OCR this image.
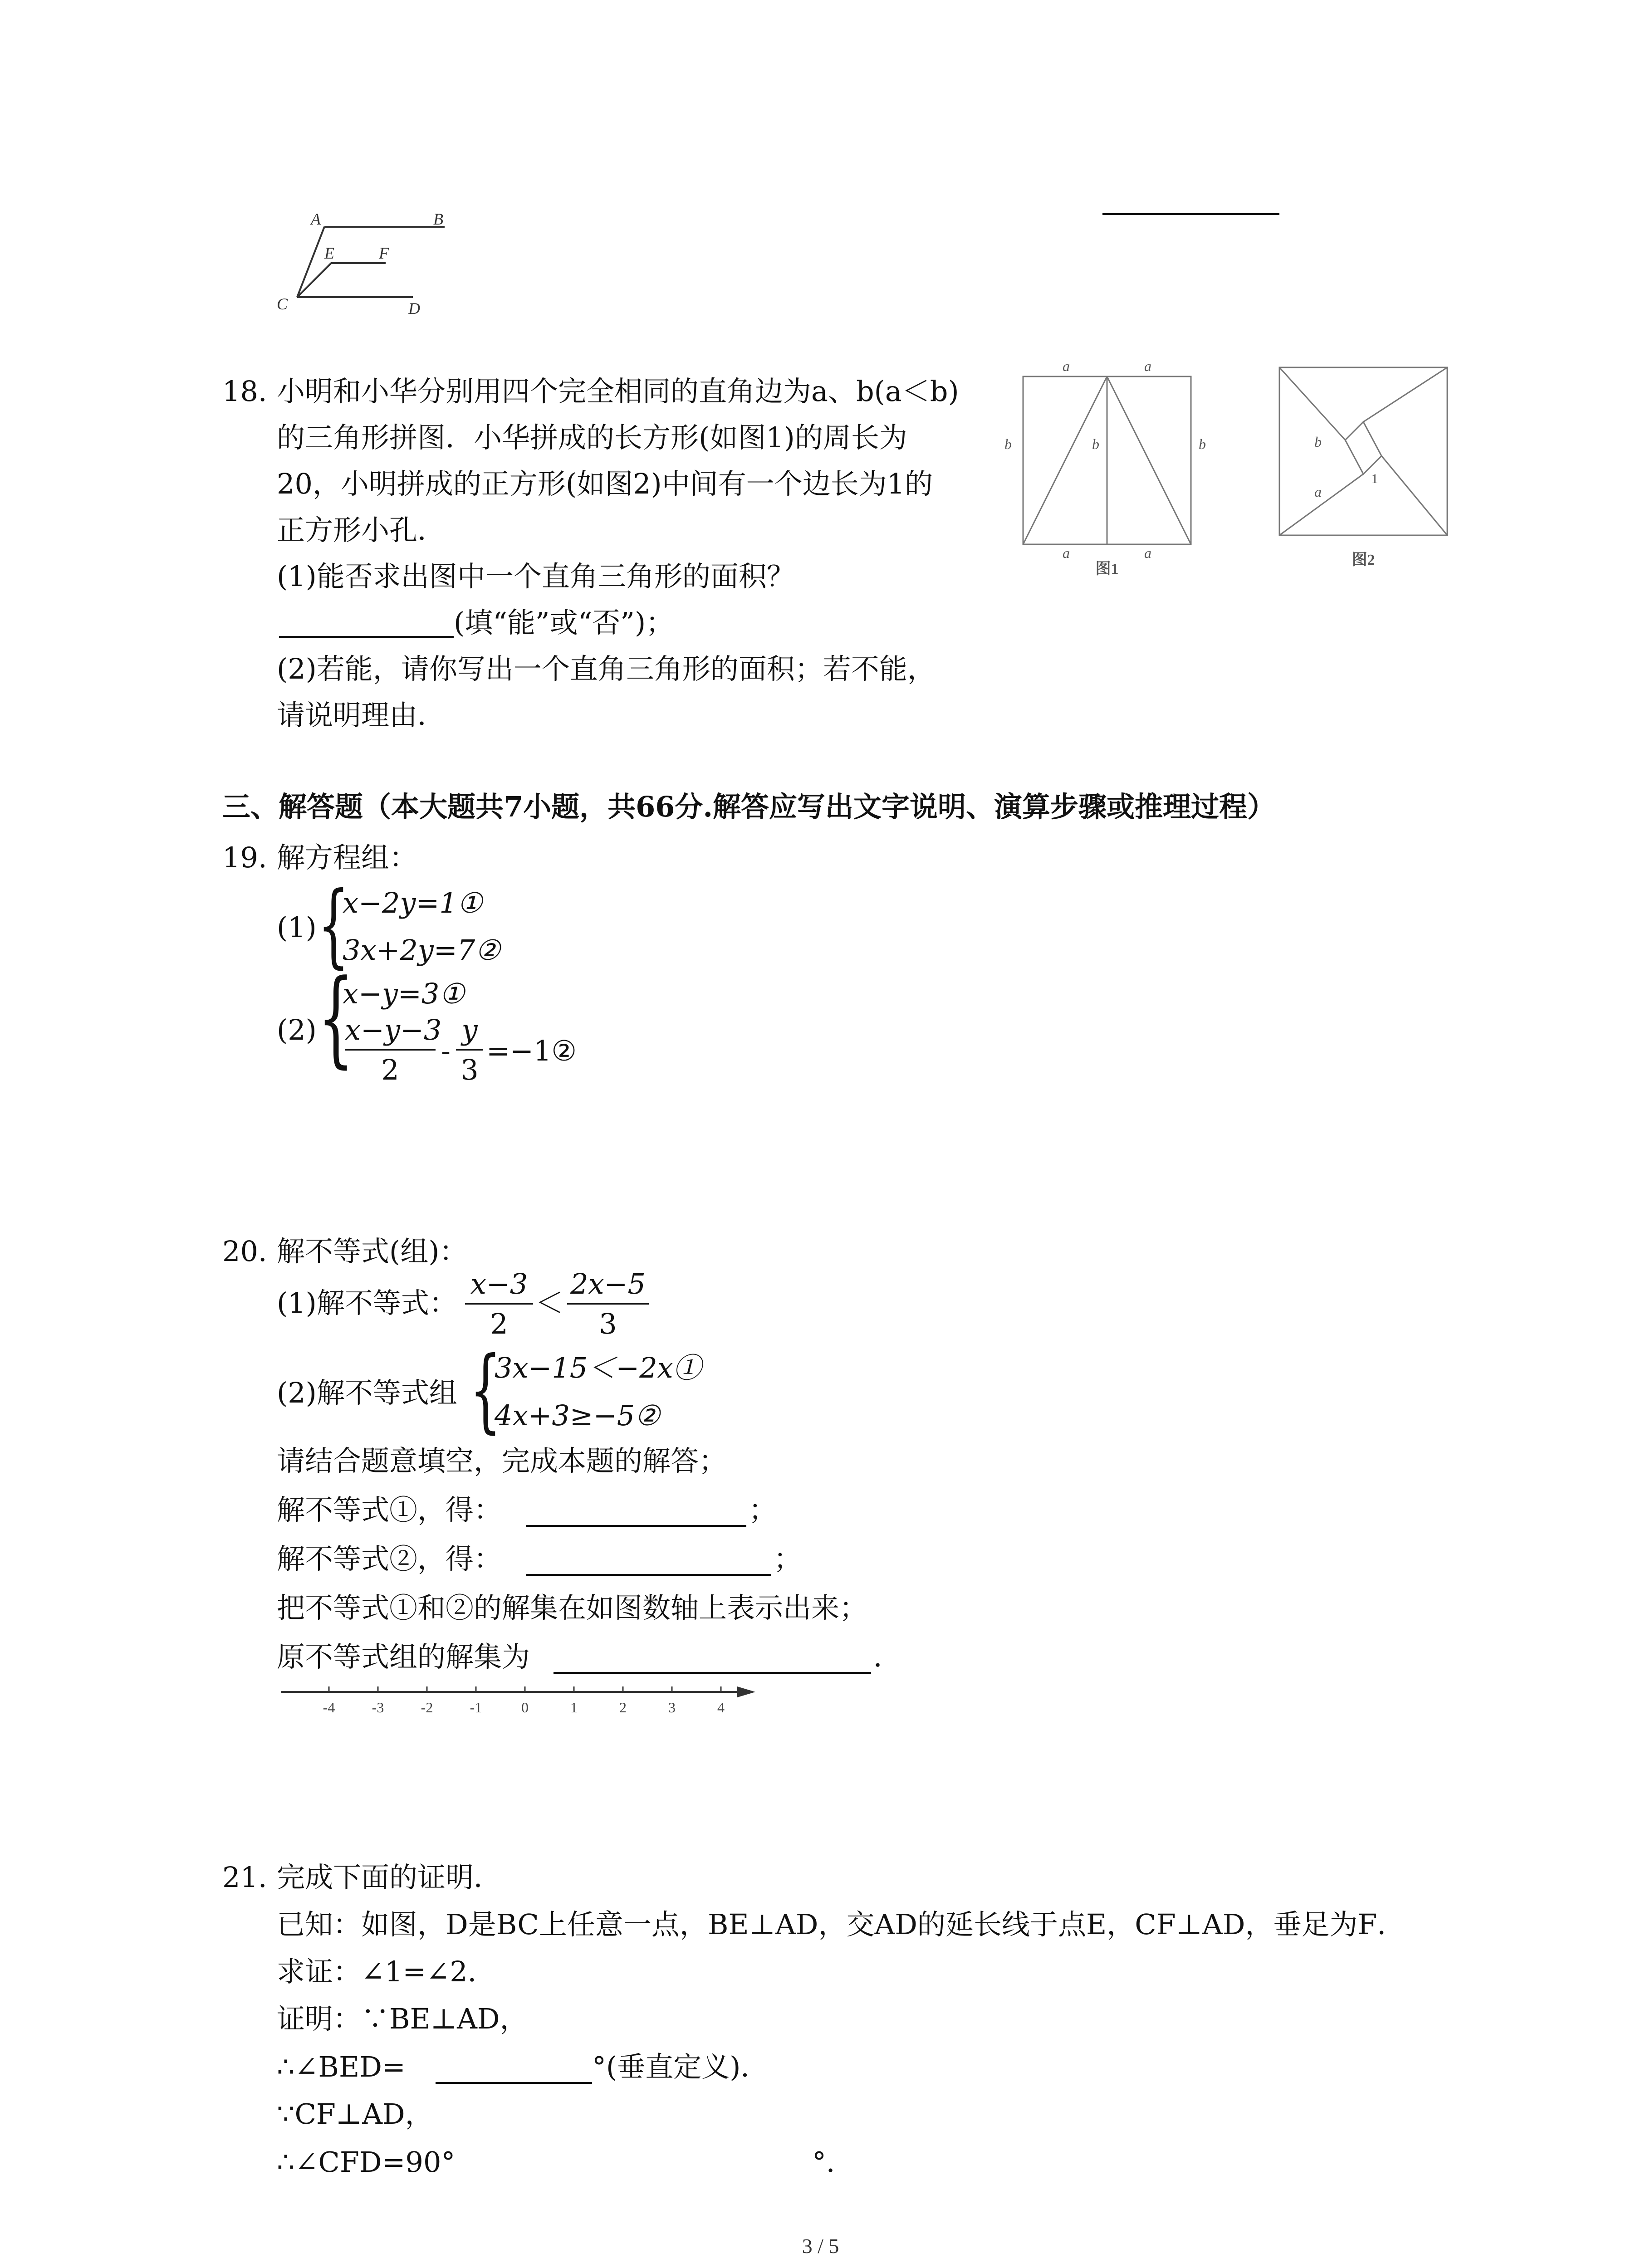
A	B
E	F
C	D
18. 小明和小华分别用四个完全相同的直角边为a、b(a＜b)
的三角形拼图．小华拼成的长方形(如图1)的周长为
20，小明拼成的正方形(如图2)中间有一个边长为1的
正方形小孔．
(1)能否求出图中一个直角三角形的面积？
(填“能”或“否”)；
(2)若能，请你写出一个直角三角形的面积；若不能，
请说明理由．
a	a
b	b	b
a	a
图1
b
a
1
图2
三、解答题（本大题共7小题，共66分.解答应写出文字说明、演算步骤或推理过程）
19. 解方程组：
(1) {
x−2y=1①
3x+2y=7②
(2) {
x−y=3①
x−y−3
2
-
y
3
=−1②
20. 解不等式(组)：
(1)解不等式：
x−3
2
＜
2x−5
3
(2)解不等式组 {
3x−15＜−2x①
4x+3≥−5②
请结合题意填空，完成本题的解答；
解不等式①，得：	；
解不等式②，得：	；
把不等式①和②的解集在如图数轴上表示出来；
原不等式组的解集为	．
-4	-3	-2	-1	0	1	2	3	4
21. 完成下面的证明．
已知：如图，D是BC上任意一点，BE⊥AD，交AD的延长线于点E，CF⊥AD，垂足为F．
求证：∠1=∠2．
证明：∵BE⊥AD，
∴∠BED=	°(垂直定义)．
∵CF⊥AD，
∴∠CFD=90°	°．
3 / 5
